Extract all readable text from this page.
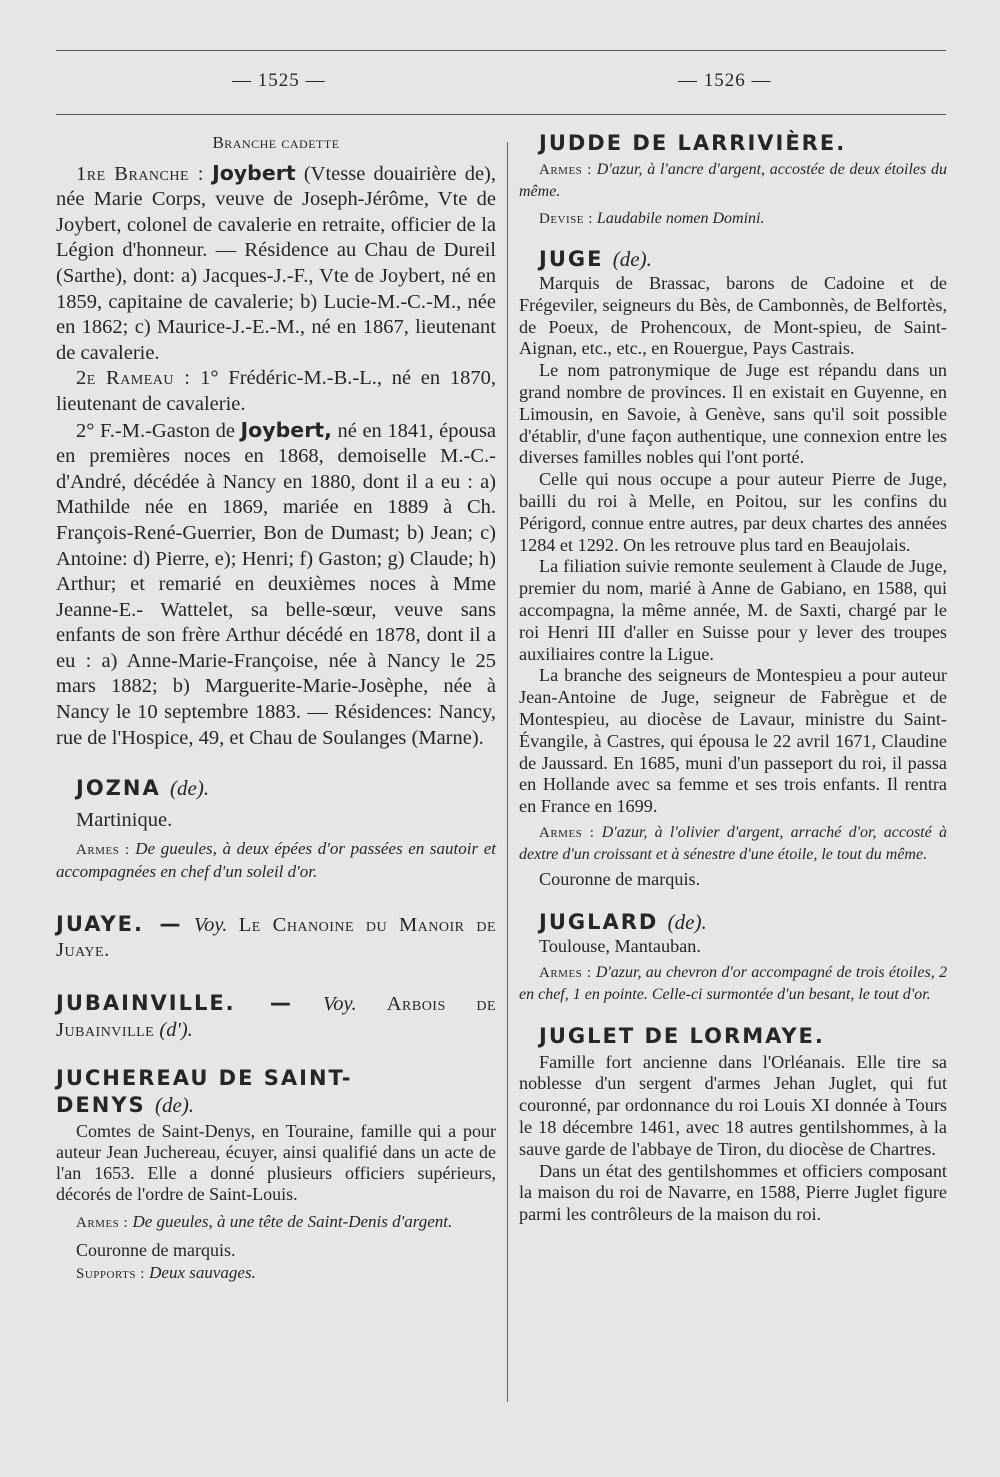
— 1525 —	— 1526 —

Branche cadette

1re Branche : Joybert (Vtesse douairière de), née Marie Corps, veuve de Joseph-Jérôme, Vte de Joybert, colonel de cavalerie en retraite, officier de la Légion d'honneur. — Résidence au Chau de Dureil (Sarthe), dont: a) Jacques-J.-F., Vte de Joybert, né en 1859, capitaine de cavalerie; b) Lucie-M.-C.-M., née en 1862; c) Maurice-J.-E.-M., né en 1867, lieutenant de cavalerie.

2e Rameau : 1° Frédéric-M.-B.-L., né en 1870, lieutenant de cavalerie.

2° F.-M.-Gaston de Joybert, né en 1841, épousa en premières noces en 1868, demoiselle M.-C.-d'André, décédée à Nancy en 1880, dont il a eu : a) Mathilde née en 1869, mariée en 1889 à Ch. François-René-Guerrier, Bon de Dumast; b) Jean; c) Antoine: d) Pierre, e); Henri; f) Gaston; g) Claude; h) Arthur; et remarié en deuxièmes noces à Mme Jeanne-E.- Wattelet, sa belle-sœur, veuve sans enfants de son frère Arthur décédé en 1878, dont il a eu : a) Anne-Marie-Françoise, née à Nancy le 25 mars 1882; b) Marguerite-Marie-Josèphe, née à Nancy le 10 septembre 1883. — Résidences: Nancy, rue de l'Hospice, 49, et Chau de Soulanges (Marne).

JOZNA (de).

Martinique.

Armes : De gueules, à deux épées d'or passées en sautoir et accompagnées en chef d'un soleil d'or.

JUAYE. — Voy. Le Chanoine du Manoir de Juaye.

JUBAINVILLE. — Voy. Arbois de Jubainville (d').

JUCHEREAU DE SAINT-
DENYS (de).

Comtes de Saint-Denys, en Touraine, famille qui a pour auteur Jean Juchereau, écuyer, ainsi qualifié dans un acte de l'an 1653. Elle a donné plusieurs officiers supérieurs, décorés de l'ordre de Saint-Louis.

Armes : De gueules, à une tête de Saint-Denis d'argent.

Couronne de marquis.

Supports : Deux sauvages.

JUDDE DE LARRIVIÈRE.

Armes : D'azur, à l'ancre d'argent, accostée de deux étoiles du même.

Devise : Laudabile nomen Domini.

JUGE (de).

Marquis de Brassac, barons de Cadoine et de Frégeviler, seigneurs du Bès, de Cambonnès, de Belfortès, de Poeux, de Prohencoux, de Mont-spieu, de Saint-Aignan, etc., etc., en Rouergue, Pays Castrais.

Le nom patronymique de Juge est répandu dans un grand nombre de provinces. Il en existait en Guyenne, en Limousin, en Savoie, à Genève, sans qu'il soit possible d'établir, d'une façon authentique, une connexion entre les diverses familles nobles qui l'ont porté.

Celle qui nous occupe a pour auteur Pierre de Juge, bailli du roi à Melle, en Poitou, sur les confins du Périgord, connue entre autres, par deux chartes des années 1284 et 1292. On les retrouve plus tard en Beaujolais.

La filiation suivie remonte seulement à Claude de Juge, premier du nom, marié à Anne de Gabiano, en 1588, qui accompagna, la même année, M. de Saxti, chargé par le roi Henri III d'aller en Suisse pour y lever des troupes auxiliaires contre la Ligue.

La branche des seigneurs de Montespieu a pour auteur Jean-Antoine de Juge, seigneur de Fabrègue et de Montespieu, au diocèse de Lavaur, ministre du Saint-Évangile, à Castres, qui épousa le 22 avril 1671, Claudine de Jaussard. En 1685, muni d'un passeport du roi, il passa en Hollande avec sa femme et ses trois enfants. Il rentra en France en 1699.

Armes : D'azur, à l'olivier d'argent, arraché d'or, accosté à dextre d'un croissant et à sénestre d'une étoile, le tout du même.

Couronne de marquis.

JUGLARD (de).

Toulouse, Mantauban.

Armes : D'azur, au chevron d'or accompagné de trois étoiles, 2 en chef, 1 en pointe. Celle-ci surmontée d'un besant, le tout d'or.

JUGLET DE LORMAYE.

Famille fort ancienne dans l'Orléanais. Elle tire sa noblesse d'un sergent d'armes Jehan Juglet, qui fut couronné, par ordonnance du roi Louis XI donnée à Tours le 18 décembre 1461, avec 18 autres gentilshommes, à la sauve garde de l'abbaye de Tiron, du diocèse de Chartres.

Dans un état des gentilshommes et officiers composant la maison du roi de Navarre, en 1588, Pierre Juglet figure parmi les contrôleurs de la maison du roi.
